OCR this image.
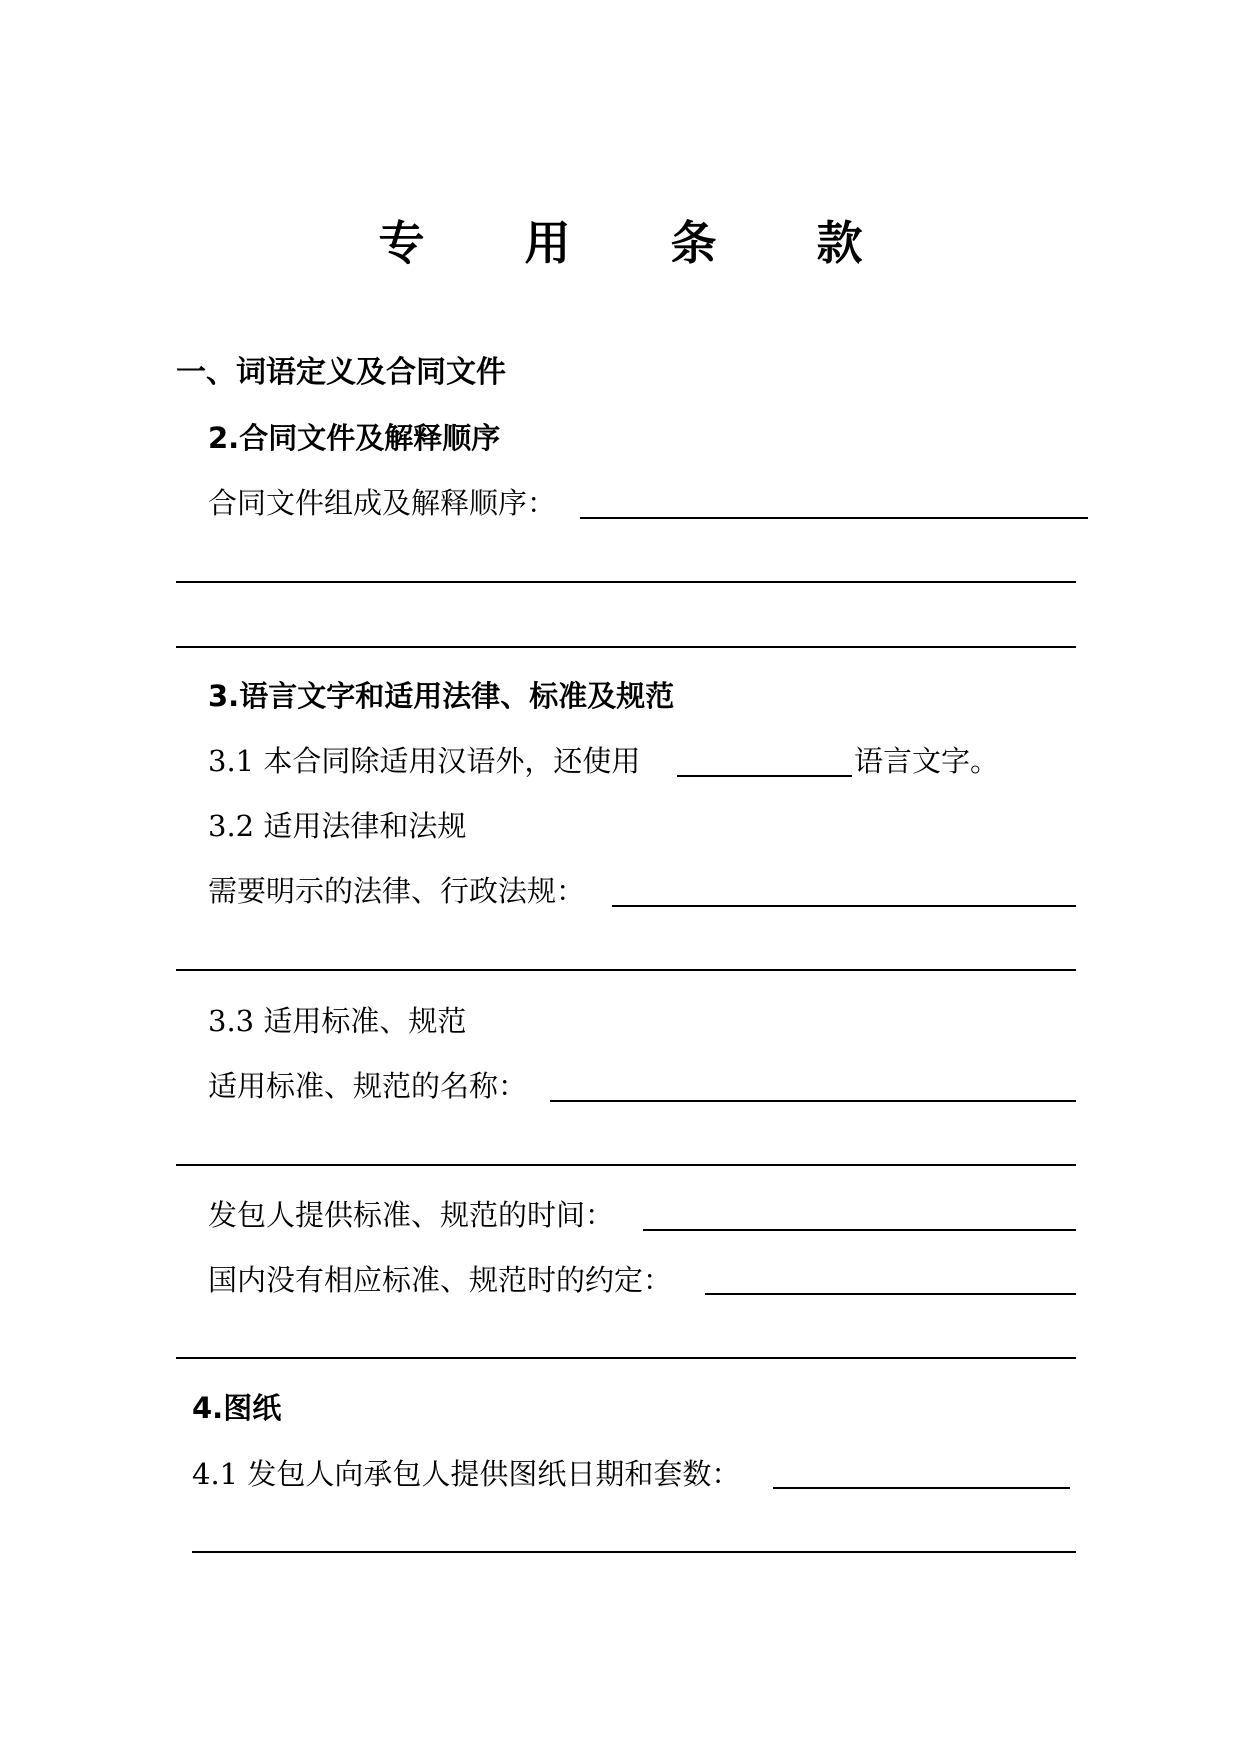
专 用 条 款
一、词语定义及合同文件
2.合同文件及解释顺序
合同文件组成及解释顺序：
3.语言文字和适用法律、标准及规范
3.1 本合同除适用汉语外，还使用	语言文字。
3.2 适用法律和法规
需要明示的法律、行政法规：
3.3 适用标准、规范
适用标准、规范的名称：
发包人提供标准、规范的时间：
国内没有相应标准、规范时的约定：
4.图纸
4.1 发包人向承包人提供图纸日期和套数：
